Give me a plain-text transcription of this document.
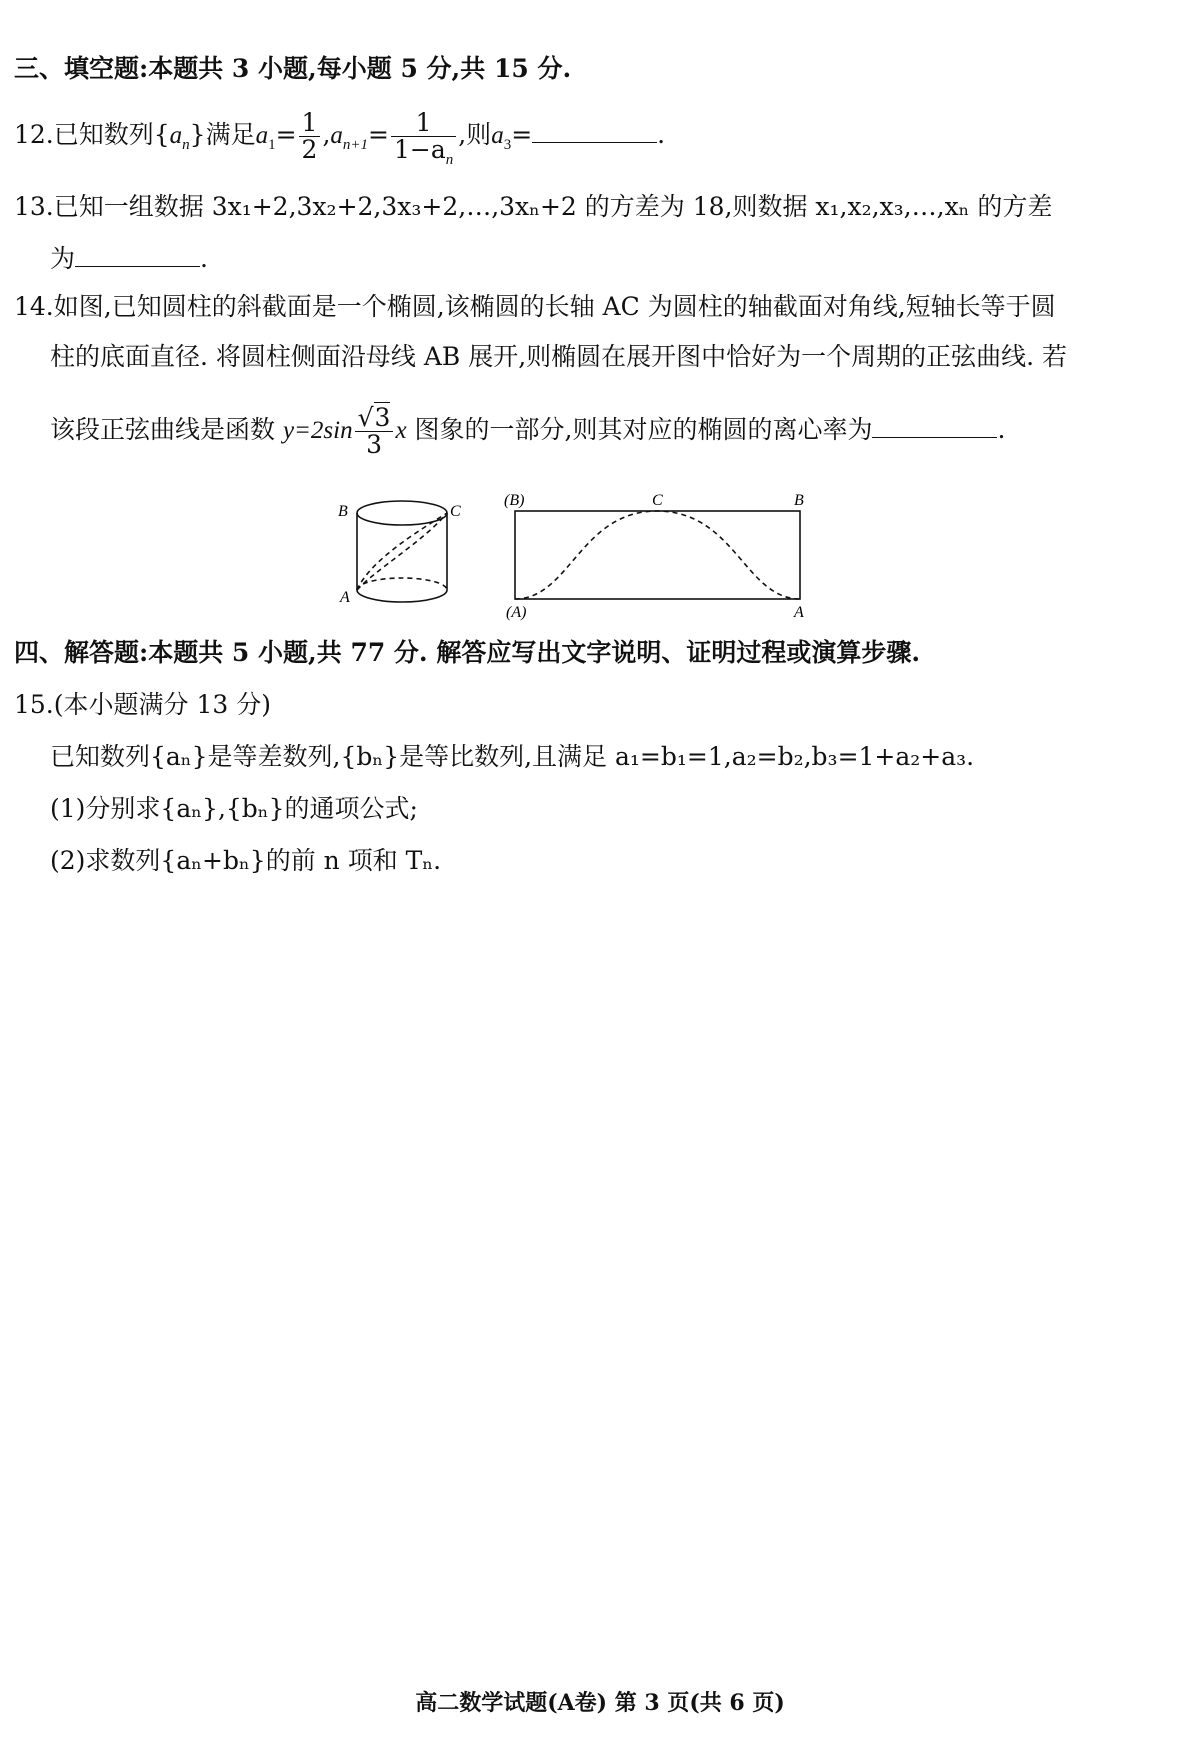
三、填空题:本题共 3 小题,每小题 5 分,共 15 分.
12.已知数列$\{a_n\}$满足$a_1= \frac{1}{2} ,a_{n+1}= \frac{1}{1-a_n}$ ,则$a_3=$	.
13.已知一组数据 3x₁+2,3x₂+2,3x₃+2,…,3xₙ+2 的方差为 18,则数据 x₁,x₂,x₃,…,xₙ 的方差
为	.
14.如图,已知圆柱的斜截面是一个椭圆,该椭圆的长轴 AC 为圆柱的轴截面对角线,短轴长等于圆
柱的底面直径. 将圆柱侧面沿母线 AB 展开,则椭圆在展开图中恰好为一个周期的正弦曲线. 若
该段正弦曲线是函数 $y=2\sin \frac{√3}{3}$ x 图象的一部分,则其对应的椭圆的离心率为	.
B	C
A
(B)	C	B
(A)	A
四、解答题:本题共 5 小题,共 77 分. 解答应写出文字说明、证明过程或演算步骤.
15.(本小题满分 13 分)
已知数列{aₙ}是等差数列,{bₙ}是等比数列,且满足 a₁=b₁=1,a₂=b₂,b₃=1+a₂+a₃.
(1)分别求{aₙ},{bₙ}的通项公式;
(2)求数列{aₙ+bₙ}的前 n 项和 Tₙ.
高二数学试题(A卷) 第 3 页(共 6 页)
